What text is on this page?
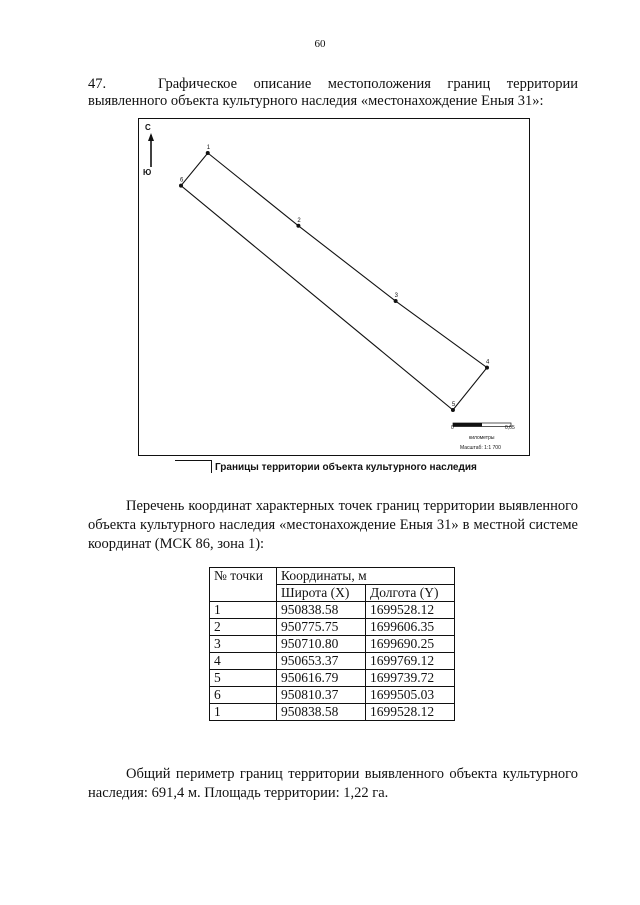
60
47.	Графическое описание местоположения границ территории
выявленного объекта культурного наследия «местонахождение Еныя 31»:
С
Ю
1
2
3
4
5
6
0	0,05
километры
Масштаб: 1:1 700
Границы территории объекта культурного наследия
Перечень координат характерных точек границ территории выявленного объекта культурного наследия «местонахождение Еныя 31» в местной системе координат (МСК 86, зона 1):
№ точки	Координаты, м	
	Широта (X)	Долгота (Y)
1	950838.58	1699528.12
2	950775.75	1699606.35
3	950710.80	1699690.25
4	950653.37	1699769.12
5	950616.79	1699739.72
6	950810.37	1699505.03
1	950838.58	1699528.12
Общий периметр границ территории выявленного объекта культурного наследия: 691,4 м. Площадь территории: 1,22 га.
